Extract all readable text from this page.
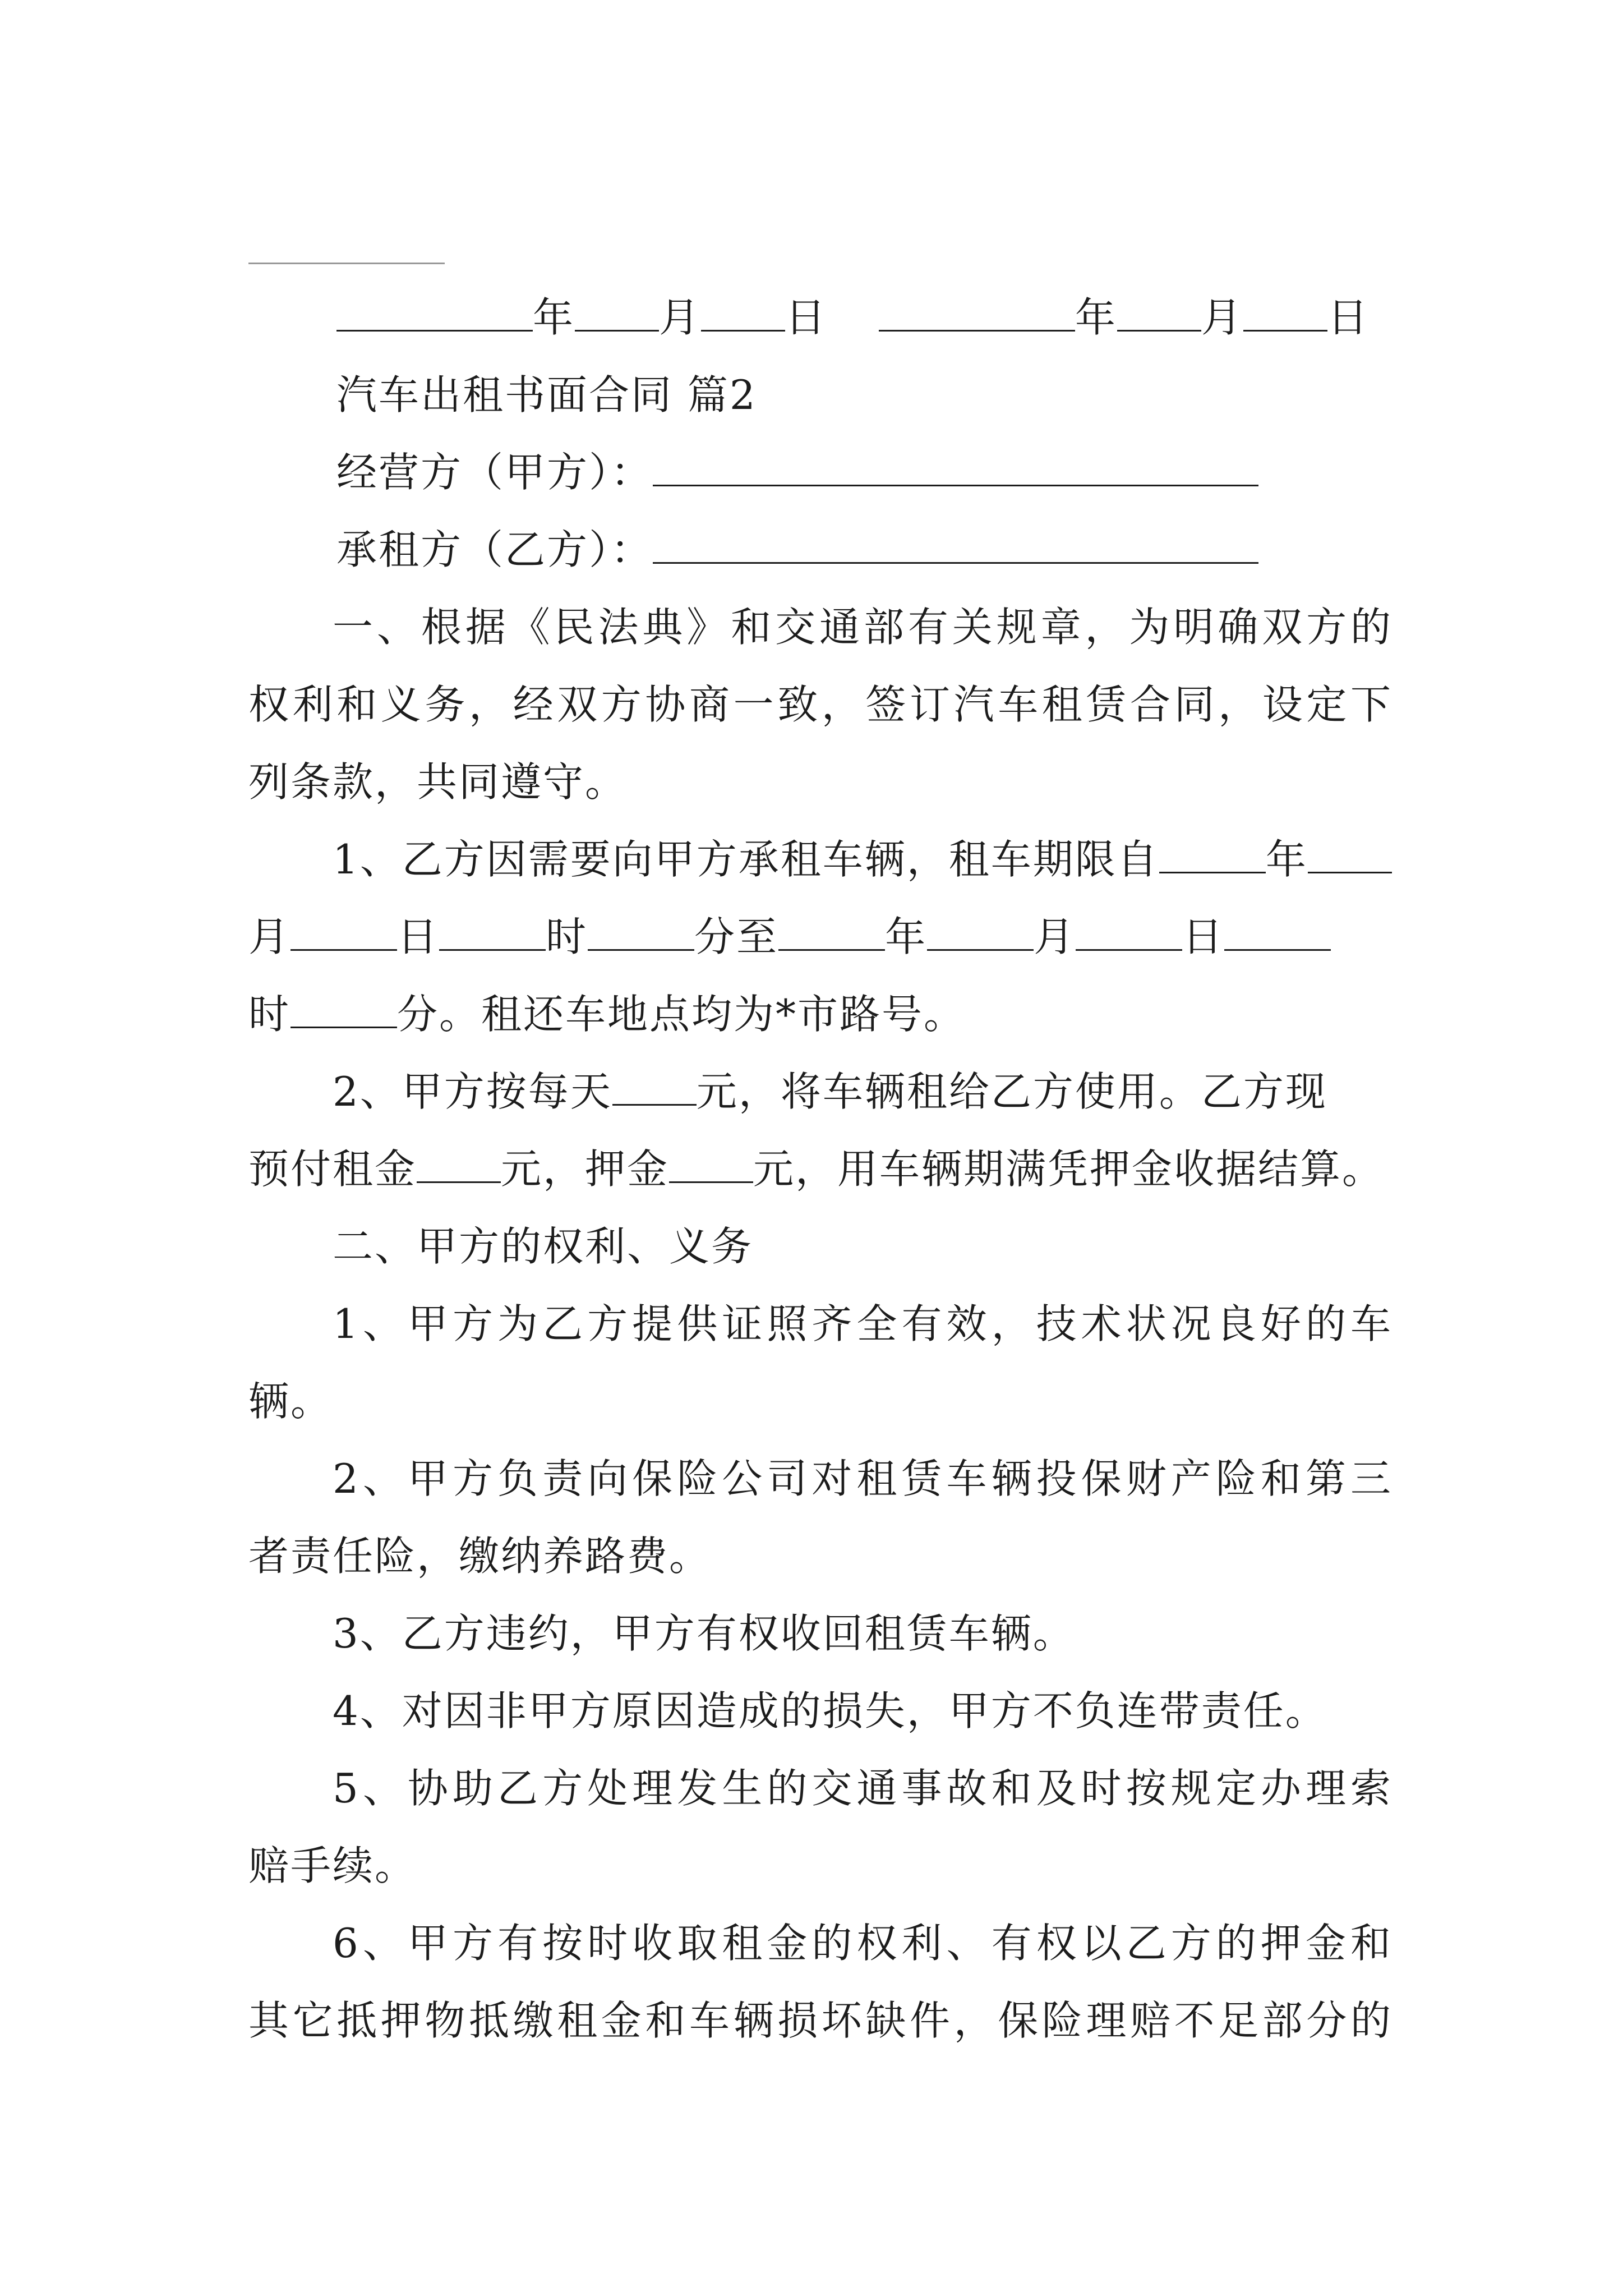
年 月 日	年 月 日
汽车出租书面合同 篇2
经营方（甲方）：
承租方（乙方）：
一、根据《民法典》和交通部有关规章，为明确双方的
权利和义务，经双方协商一致，签订汽车租赁合同，设定下
列条款，共同遵守。
1、乙方因需要向甲方承租车辆，租车期限自	年
月	日	时	分至	年	月	日
时	分。租还车地点均为*市路号。
2、甲方按每天 元，将车辆租给乙方使用。乙方现
预付租金 元，押金 元，用车辆期满凭押金收据结算。
二、甲方的权利、义务
1、甲方为乙方提供证照齐全有效，技术状况良好的车
辆。
2、甲方负责向保险公司对租赁车辆投保财产险和第三
者责任险，缴纳养路费。
3、乙方违约，甲方有权收回租赁车辆。
4、对因非甲方原因造成的损失，甲方不负连带责任。
5、协助乙方处理发生的交通事故和及时按规定办理索
赔手续。
6、甲方有按时收取租金的权利、有权以乙方的押金和
其它抵押物抵缴租金和车辆损坏缺件，保险理赔不足部分的
